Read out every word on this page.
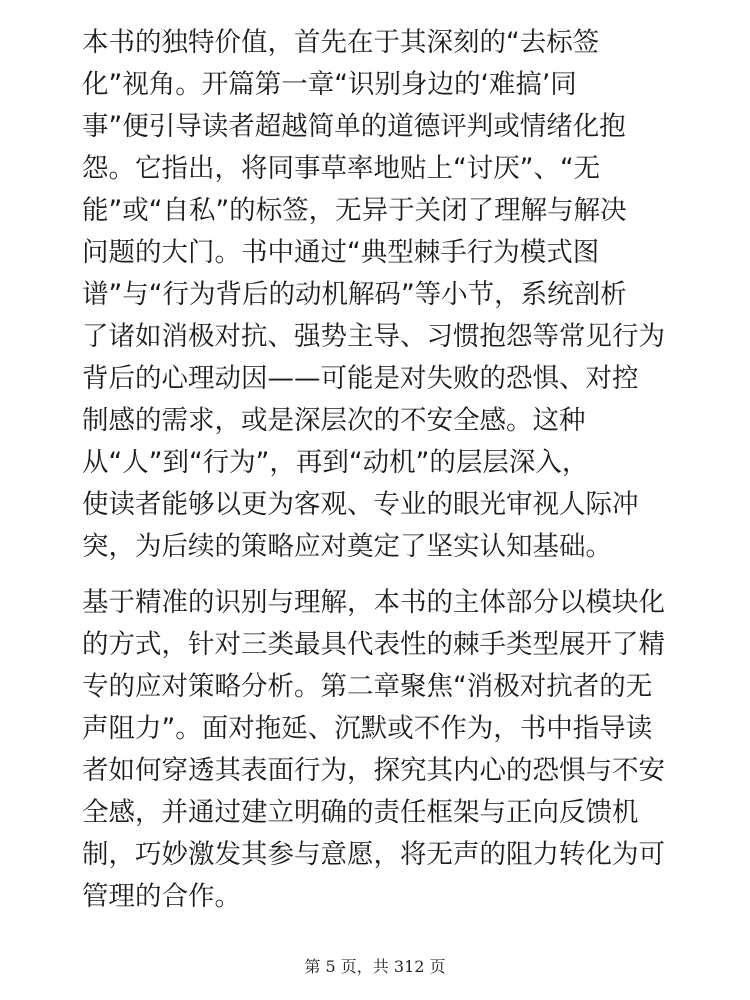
本书的独特价值，首先在于其深刻的“去标签
化”视角。开篇第一章“识别身边的‘难搞’同
事”便引导读者超越简单的道德评判或情绪化抱
怨。它指出，将同事草率地贴上“讨厌”、“无
能”或“自私”的标签，无异于关闭了理解与解决
问题的大门。书中通过“典型棘手行为模式图
谱”与“行为背后的动机解码”等小节，系统剖析
了诸如消极对抗、强势主导、习惯抱怨等常见行为
背后的心理动因——可能是对失败的恐惧、对控
制感的需求，或是深层次的不安全感。这种
从“人”到“行为”，再到“动机”的层层深入，
使读者能够以更为客观、专业的眼光审视人际冲
突，为后续的策略应对奠定了坚实认知基础。
基于精准的识别与理解，本书的主体部分以模块化
的方式，针对三类最具代表性的棘手类型展开了精
专的应对策略分析。第二章聚焦“消极对抗者的无
声阻力”。面对拖延、沉默或不作为，书中指导读
者如何穿透其表面行为，探究其内心的恐惧与不安
全感，并通过建立明确的责任框架与正向反馈机
制，巧妙激发其参与意愿，将无声的阻力转化为可
管理的合作。
第 5 页，共 312 页
